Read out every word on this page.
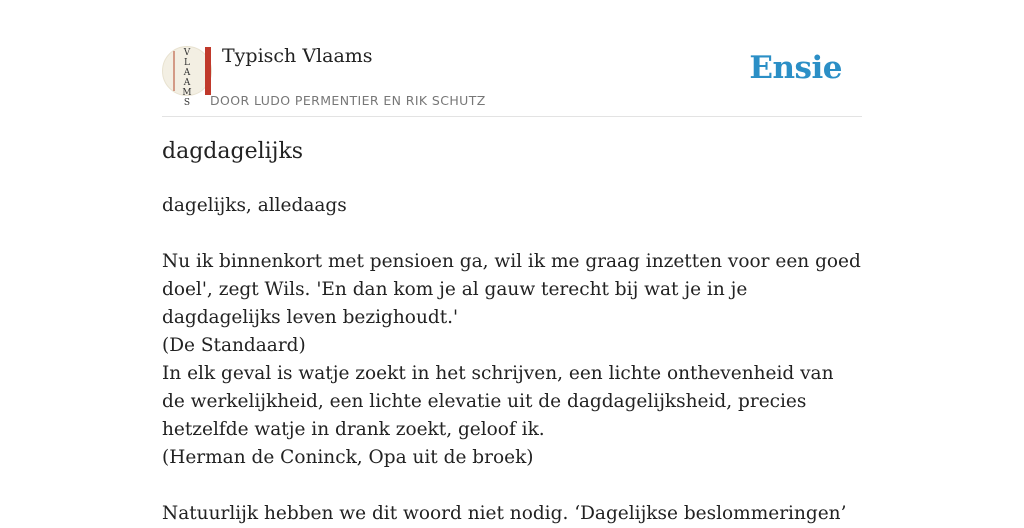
V
L
A
A
M
S
Typisch Vlaams
DOOR LUDO PERMENTIER EN RIK SCHUTZ
Ensie
dagdagelijks

dagelijks, alledaags

Nu ik binnenkort met pensioen ga, wil ik me graag inzetten voor een goed doel', zegt Wils. 'En dan kom je al gauw terecht bij wat je in je dagdagelijks leven bezighoudt.'

(De Standaard)

In elk geval is watje zoekt in het schrijven, een lichte onthevenheid van de werkelijkheid, een lichte elevatie uit de dagdagelijksheid, precies hetzelfde watje in drank zoekt, geloof ik.

(Herman de Coninck, Opa uit de broek)

Natuurlijk hebben we dit woord niet nodig. ‘Dagelijkse beslommeringen’
